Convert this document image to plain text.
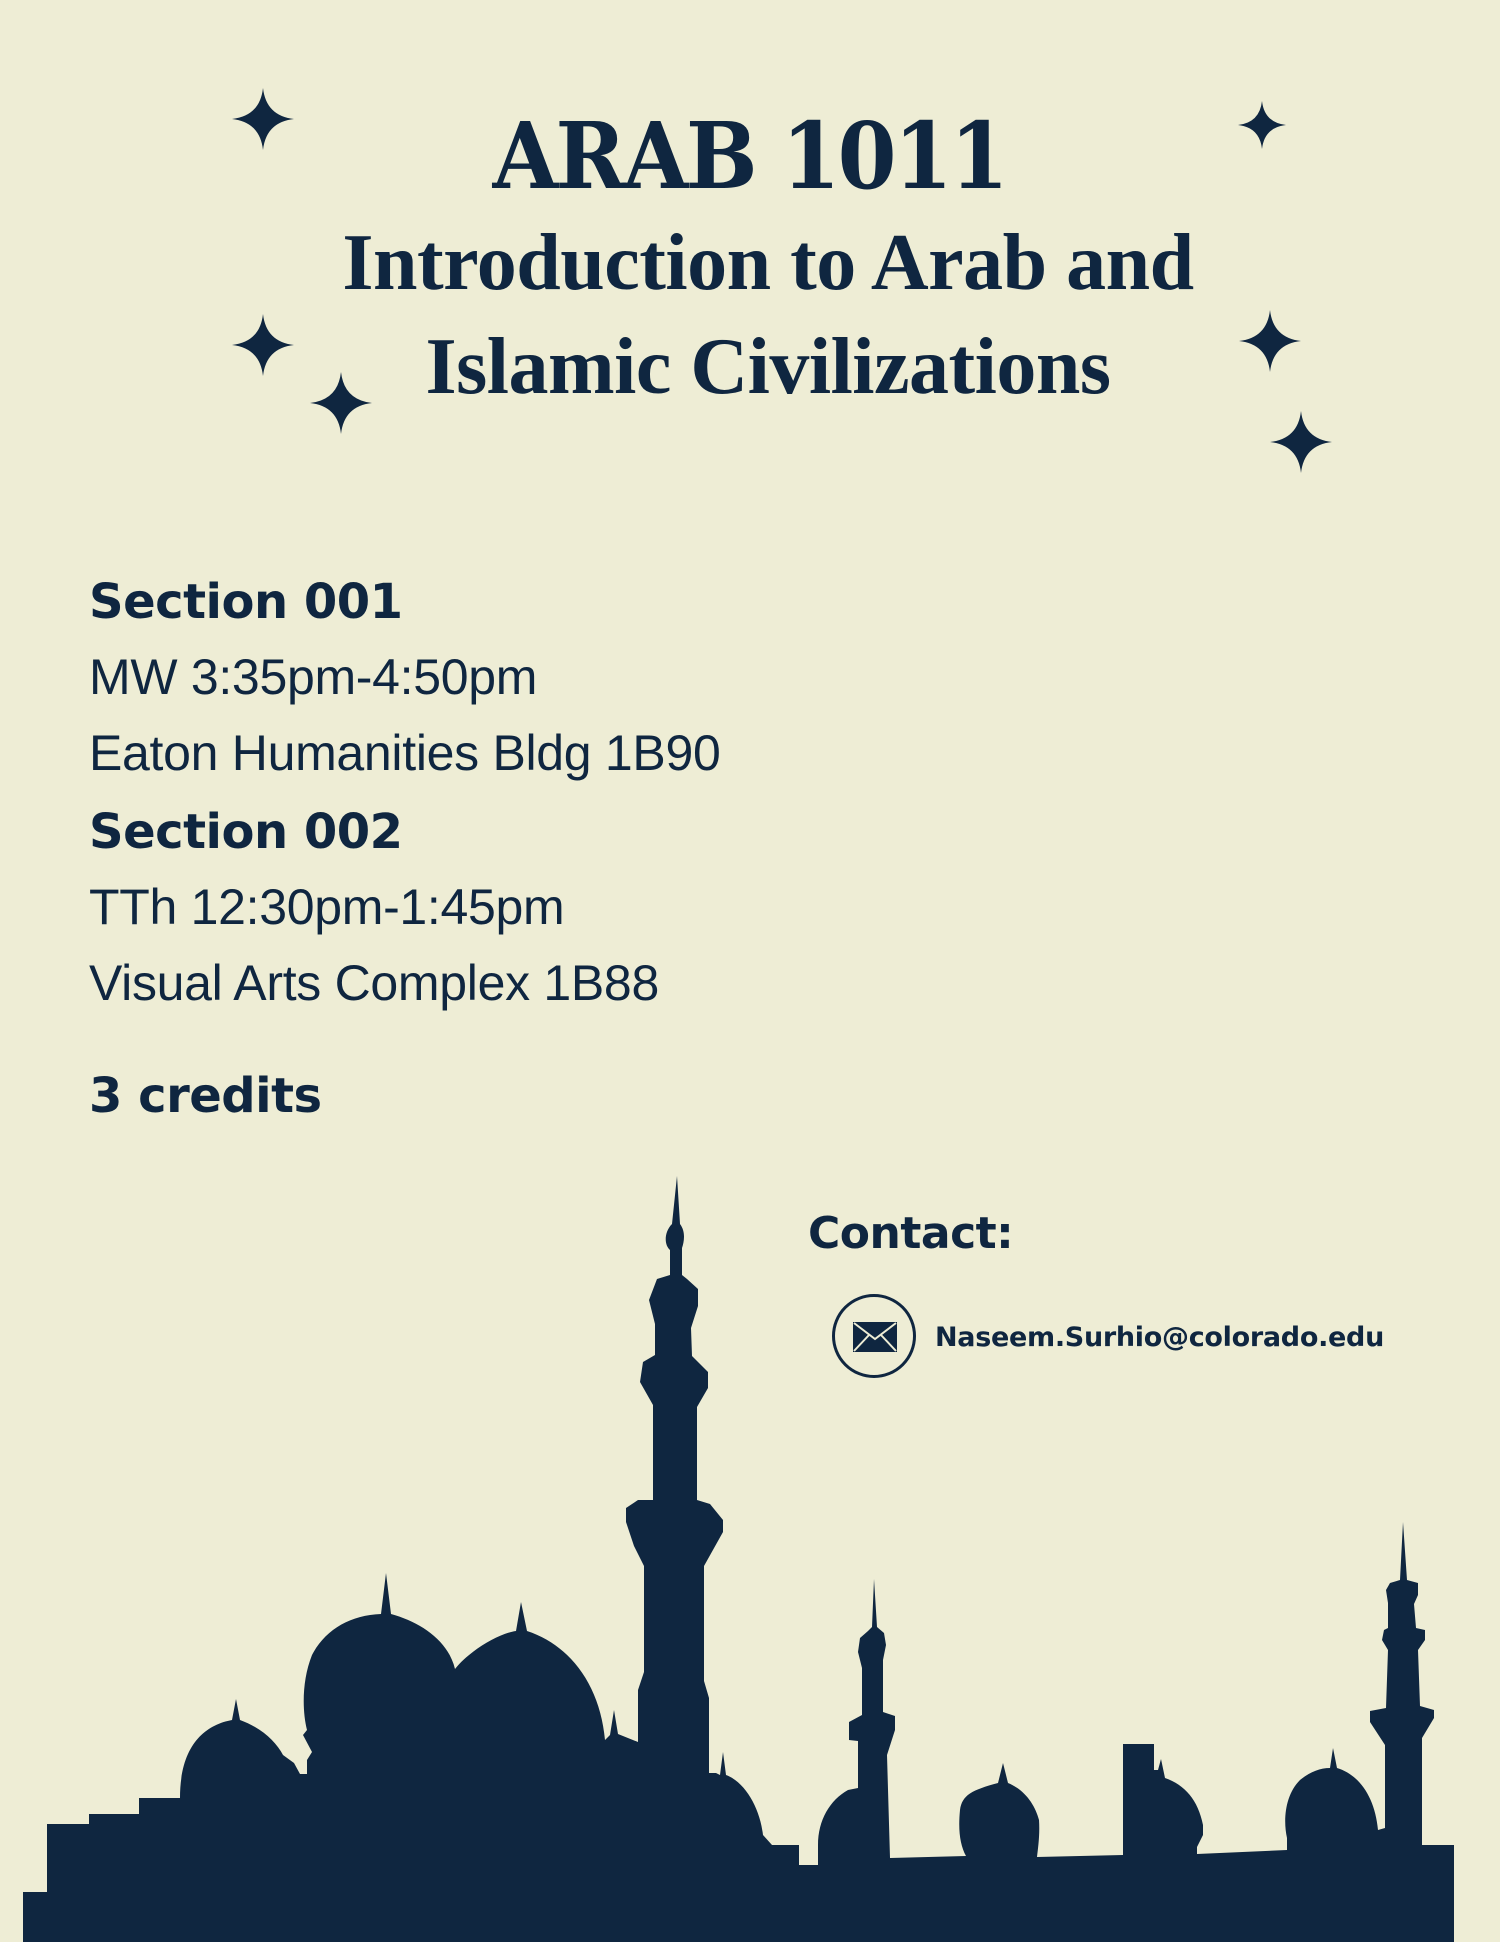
ARAB 1011
Introduction to Arab and
Islamic Civilizations
Section 001
MW 3:35pm-4:50pm
Eaton Humanities Bldg 1B90
Section 002
TTh 12:30pm-1:45pm
Visual Arts Complex 1B88
3 credits
Contact:
Naseem.Surhio@colorado.edu
